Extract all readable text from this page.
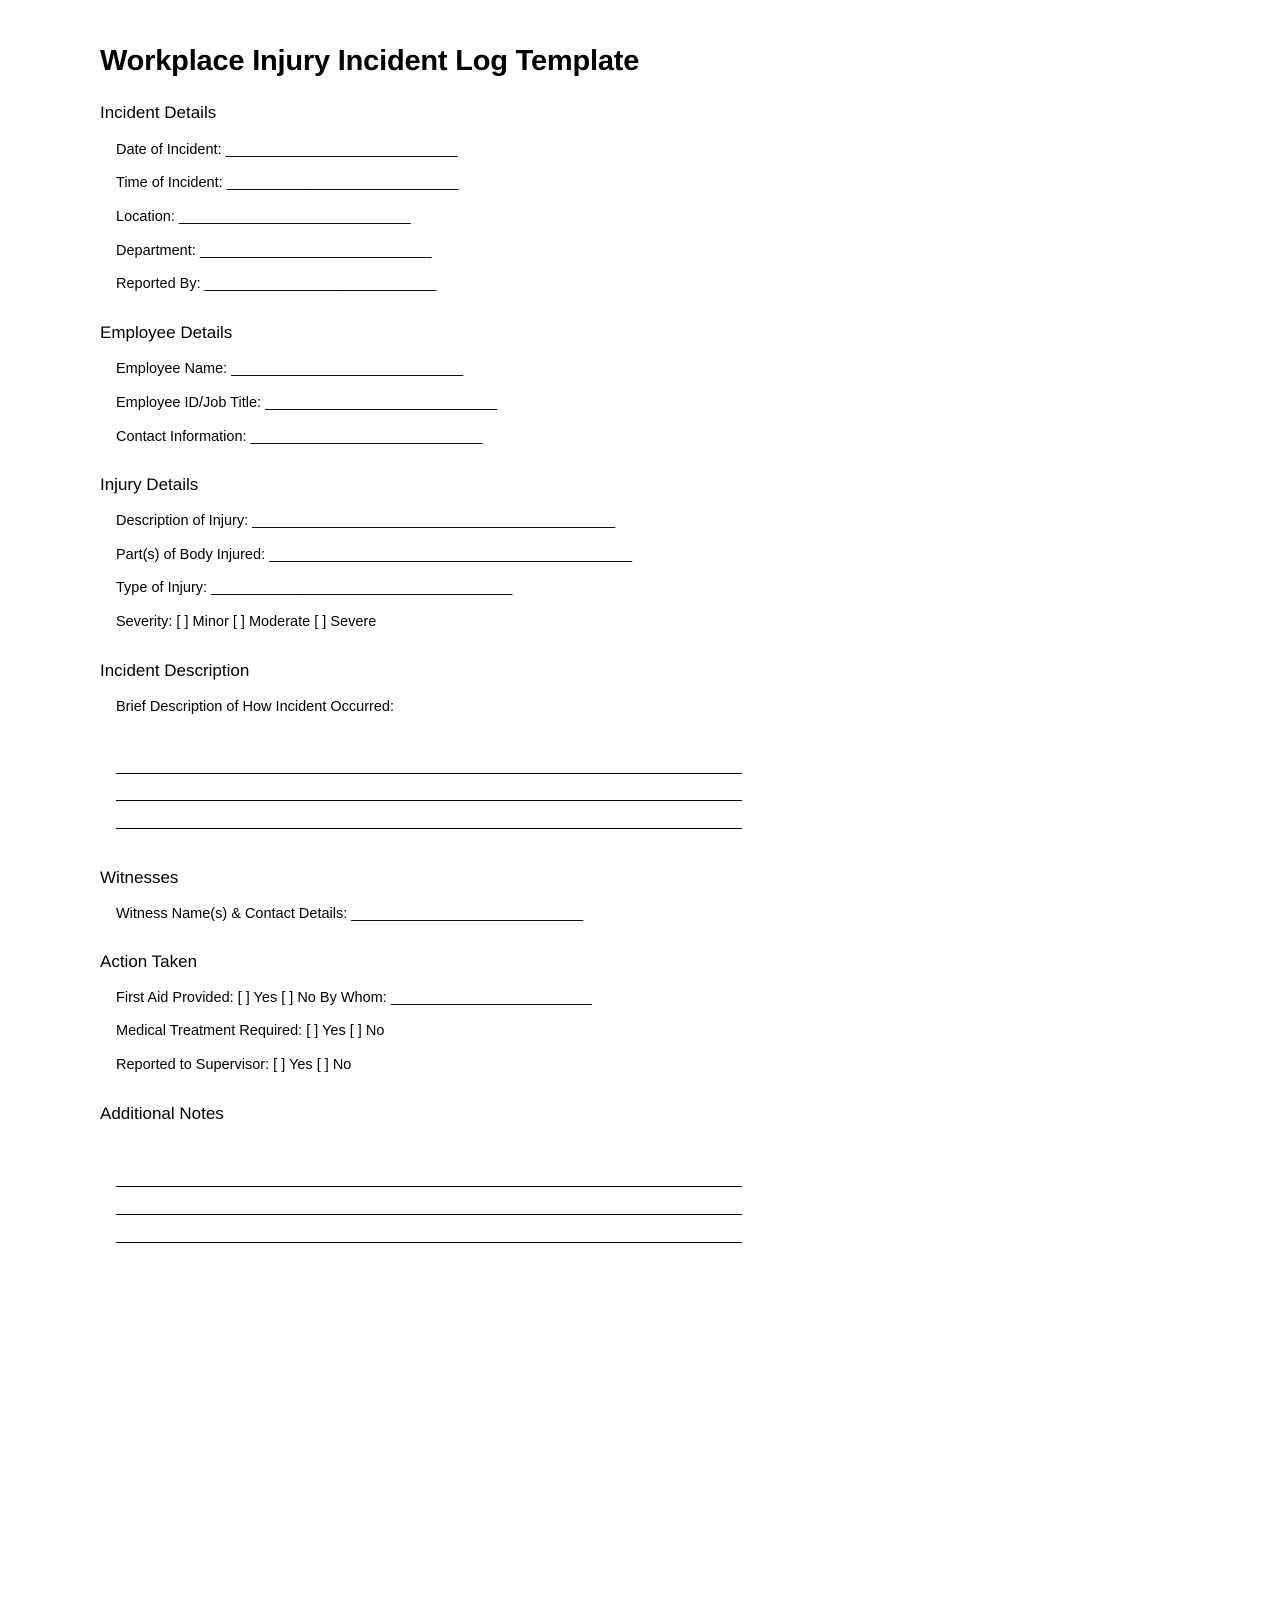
Workplace Injury Incident Log Template
Incident Details
Date of Incident: ______________________________
Time of Incident: ______________________________
Location: ______________________________
Department: ______________________________
Reported By: ______________________________
Employee Details
Employee Name: ______________________________
Employee ID/Job Title: ______________________________
Contact Information: ______________________________
Injury Details
Description of Injury: _______________________________________________
Part(s) of Body Injured: _______________________________________________
Type of Injury: _______________________________________
Severity: [ ] Minor [ ] Moderate [ ] Severe
Incident Description
Brief Description of How Incident Occurred:
Witnesses
Witness Name(s) & Contact Details: ______________________________
Action Taken
First Aid Provided: [ ] Yes [ ] No By Whom: __________________________
Medical Treatment Required: [ ] Yes [ ] No
Reported to Supervisor: [ ] Yes [ ] No
Additional Notes
